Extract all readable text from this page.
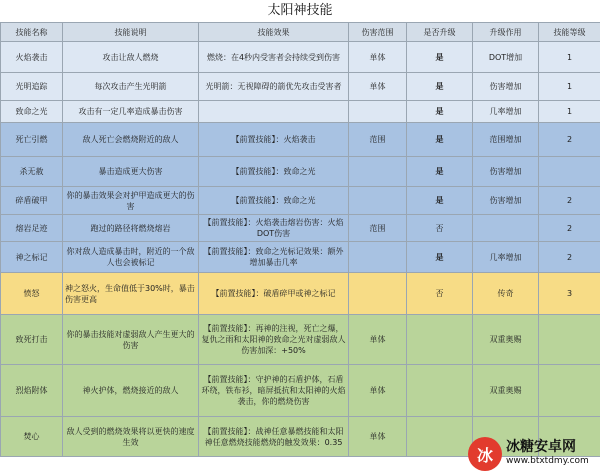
太阳神技能
技能名称	技能说明	技能效果	伤害范围	是否升级	升级作用	技能等级
火焰袭击	攻击让敌人燃烧	燃烧：在4秒内受害者会持续受到伤害	单体	是	DOT增加	1
光明追踪	每次攻击产生光明箭	光明箭：无视障碍的箭优先攻击受害者	单体	是	伤害增加	1
致命之光	攻击有一定几率造成暴击伤害			是	几率增加	1
死亡引燃	敌人死亡会燃烧附近的敌人	【前置技能】：火焰袭击	范围	是	范围增加	2
杀无赦	暴击造成更大伤害	【前置技能】：致命之光		是	伤害增加	
碎盾破甲	你的暴击效果会对护甲造成更大的伤害	【前置技能】：致命之光		是	伤害增加	2
熔岩足迹	跑过的路径将燃烧熔岩	【前置技能】：火焰袭击熔岩伤害：火焰DOT伤害	范围	否		2
神之标记	你对敌人造成暴击时，附近的一个敌人也会被标记	【前置技能】：致命之光标记效果：额外增加暴击几率		是	几率增加	2
愤怒	神之怒火，生命值低于30%时，暴击伤害更高	【前置技能】：破盾碎甲或神之标记		否	传奇	3
致死打击	你的暴击技能对虚弱敌人产生更大的伤害	【前置技能】：再神的注视，死亡之爆，复仇之雨和太阳神的致命之光对虚弱敌人伤害加深：+50%	单体		双重奥赐	
烈焰附体	神火护体，燃烧接近的敌人	【前置技能】：守护神的石盾护体，石盾环绕，铁布衫，暗屏抵抗和太阳神的火焰袭击，你的燃烧伤害	单体		双重奥赐	
焚心	敌人受到的燃烧效果将以更快的速度生效	【前置技能】：战神任意暴燃技能和太阳神任意燃烧技能燃烧的触发效果：0.35	单体			
冰 冰糖安卓网
www.btxtdmy.com
